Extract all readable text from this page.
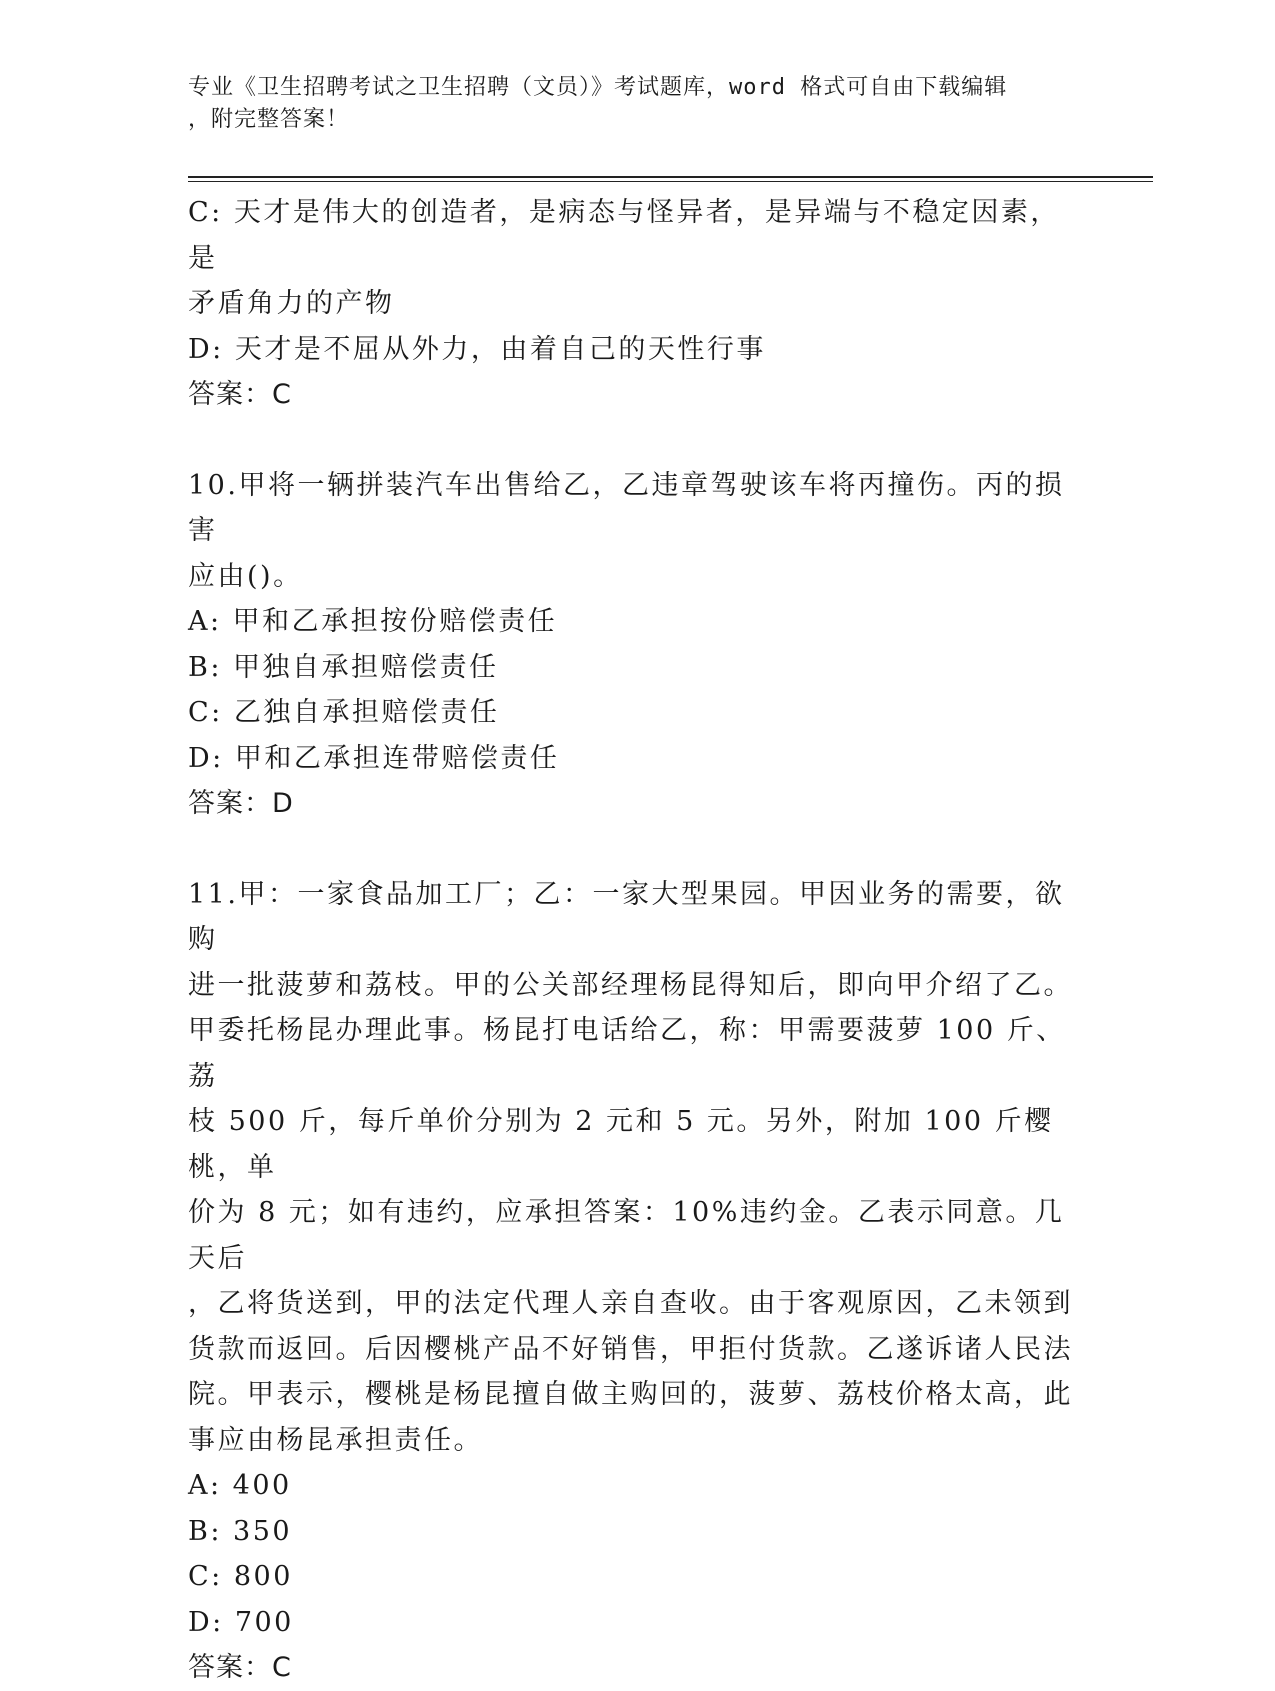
专业《卫生招聘考试之卫生招聘（文员）》考试题库，word 格式可自由下载编辑
，附完整答案！
C: 天才是伟大的创造者，是病态与怪异者，是异端与不稳定因素，是
矛盾角力的产物
D: 天才是不屈从外力，由着自己的天性行事
答案：C
10.甲将一辆拼装汽车出售给乙，乙违章驾驶该车将丙撞伤。丙的损害
应由()。
A: 甲和乙承担按份赔偿责任
B: 甲独自承担赔偿责任
C: 乙独自承担赔偿责任
D: 甲和乙承担连带赔偿责任
答案：D
11.甲：一家食品加工厂；乙：一家大型果园。甲因业务的需要，欲购
进一批菠萝和荔枝。甲的公关部经理杨昆得知后，即向甲介绍了乙。
甲委托杨昆办理此事。杨昆打电话给乙，称：甲需要菠萝 100 斤、荔
枝 500 斤，每斤单价分别为 2 元和 5 元。另外，附加 100 斤樱桃，单
价为 8 元；如有违约，应承担答案：10%违约金。乙表示同意。几天后
，乙将货送到，甲的法定代理人亲自查收。由于客观原因，乙未领到
货款而返回。后因樱桃产品不好销售，甲拒付货款。乙遂诉诸人民法
院。甲表示，樱桃是杨昆擅自做主购回的，菠萝、荔枝价格太高，此
事应由杨昆承担责任。
A: 400
B: 350
C: 800
D: 700
答案：C
